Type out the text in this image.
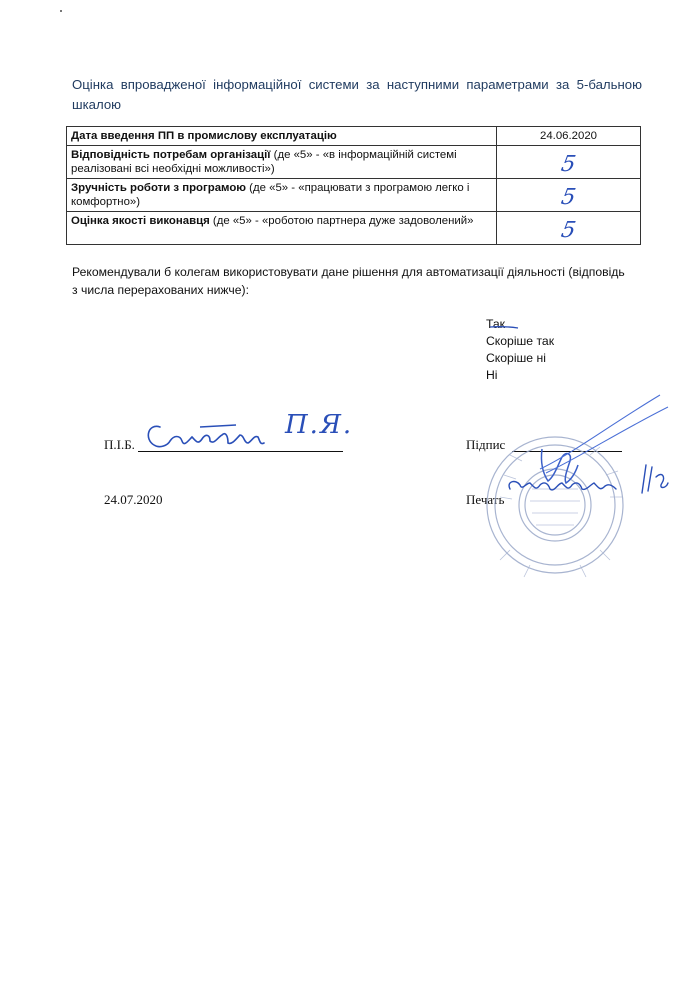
Оцінка впровадженої інформаційної системи за наступними параметрами за 5-бальною шкалою
Дата введення ПП в промислову експлуатацію	24.06.2020
Відповідність потребам організації (де «5» - «в інформаційній системі реалізовані всі необхідні можливості»)	5
Зручність роботи з програмою (де «5» - «працювати з програмою легко і комфортно»)	5
Оцінка якості виконавця (де «5» - «роботою партнера дуже задоволений»	5
Рекомендували б колегам використовувати дане рішення для автоматизації діяльності (відповідь з числа перерахованих нижче):
Так
Скоріше так
Скоріше ні
Ні
П.І.Б.
П.Я.
Підпис
24.07.2020	Печать
